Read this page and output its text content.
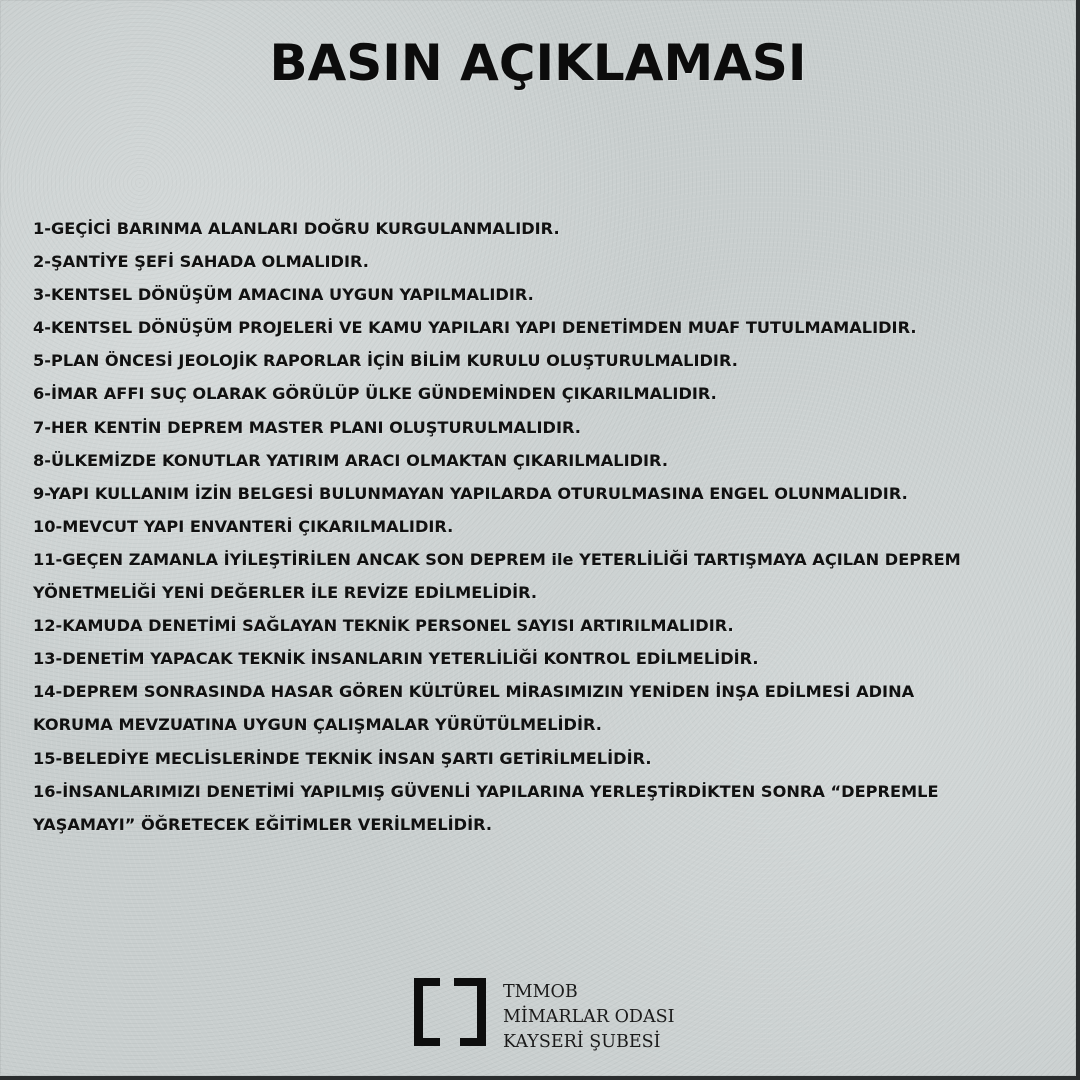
BASIN AÇIKLAMASI
1-GEÇİCİ BARINMA ALANLARI DOĞRU KURGULANMALIDIR.
2-ŞANTİYE ŞEFİ SAHADA OLMALIDIR.
3-KENTSEL DÖNÜŞÜM AMACINA UYGUN YAPILMALIDIR.
4-KENTSEL DÖNÜŞÜM PROJELERİ VE KAMU YAPILARI YAPI DENETİMDEN MUAF TUTULMAMALIDIR.
5-PLAN ÖNCESİ JEOLOJİK RAPORLAR İÇİN BİLİM KURULU OLUŞTURULMALIDIR.
6-İMAR AFFI SUÇ OLARAK GÖRÜLÜP ÜLKE GÜNDEMİNDEN ÇIKARILMALIDIR.
7-HER KENTİN DEPREM MASTER PLANI OLUŞTURULMALIDIR.
8-ÜLKEMİZDE KONUTLAR YATIRIM ARACI OLMAKTAN ÇIKARILMALIDIR.
9-YAPI KULLANIM İZİN BELGESİ BULUNMAYAN YAPILARDA OTURULMASINA ENGEL OLUNMALIDIR.
10-MEVCUT YAPI ENVANTERİ ÇIKARILMALIDIR.
11-GEÇEN ZAMANLA İYİLEŞTİRİLEN ANCAK SON DEPREM ile YETERLİLİĞİ TARTIŞMAYA AÇILAN DEPREM
YÖNETMELİĞİ YENİ DEĞERLER İLE REVİZE EDİLMELİDİR.
12-KAMUDA DENETİMİ SAĞLAYAN TEKNİK PERSONEL SAYISI ARTIRILMALIDIR.
13-DENETİM YAPACAK TEKNİK İNSANLARIN YETERLİLİĞİ KONTROL EDİLMELİDİR.
14-DEPREM SONRASINDA HASAR GÖREN KÜLTÜREL MİRASIMIZIN YENİDEN İNŞA EDİLMESİ ADINA
KORUMA MEVZUATINA UYGUN ÇALIŞMALAR YÜRÜTÜLMELİDİR.
15-BELEDİYE MECLİSLERİNDE TEKNİK İNSAN ŞARTI GETİRİLMELİDİR.
16-İNSANLARIMIZI DENETİMİ YAPILMIŞ GÜVENLİ YAPILARINA YERLEŞTİRDİKTEN SONRA “DEPREMLE
YAŞAMAYI” ÖĞRETECEK EĞİTİMLER VERİLMELİDİR.
TMMOB
MİMARLAR ODASI
KAYSERİ ŞUBESİ
